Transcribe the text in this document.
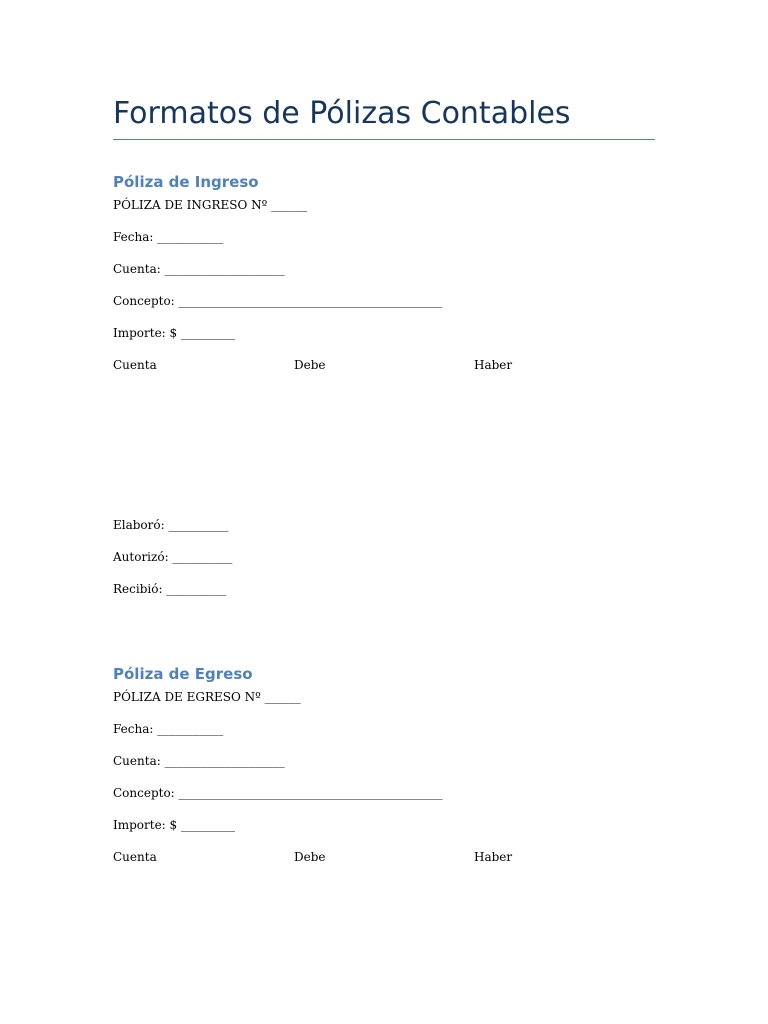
Formatos de Pólizas Contables
Póliza de Ingreso
PÓLIZA DE INGRESO Nº ______
Fecha: ___________
Cuenta: ____________________
Concepto: ____________________________________________
Importe: $ _________
Cuenta	Debe	Haber
Elaboró: __________
Autorizó: __________
Recibió: __________
Póliza de Egreso
PÓLIZA DE EGRESO Nº ______
Fecha: ___________
Cuenta: ____________________
Concepto: ____________________________________________
Importe: $ _________
Cuenta	Debe	Haber
